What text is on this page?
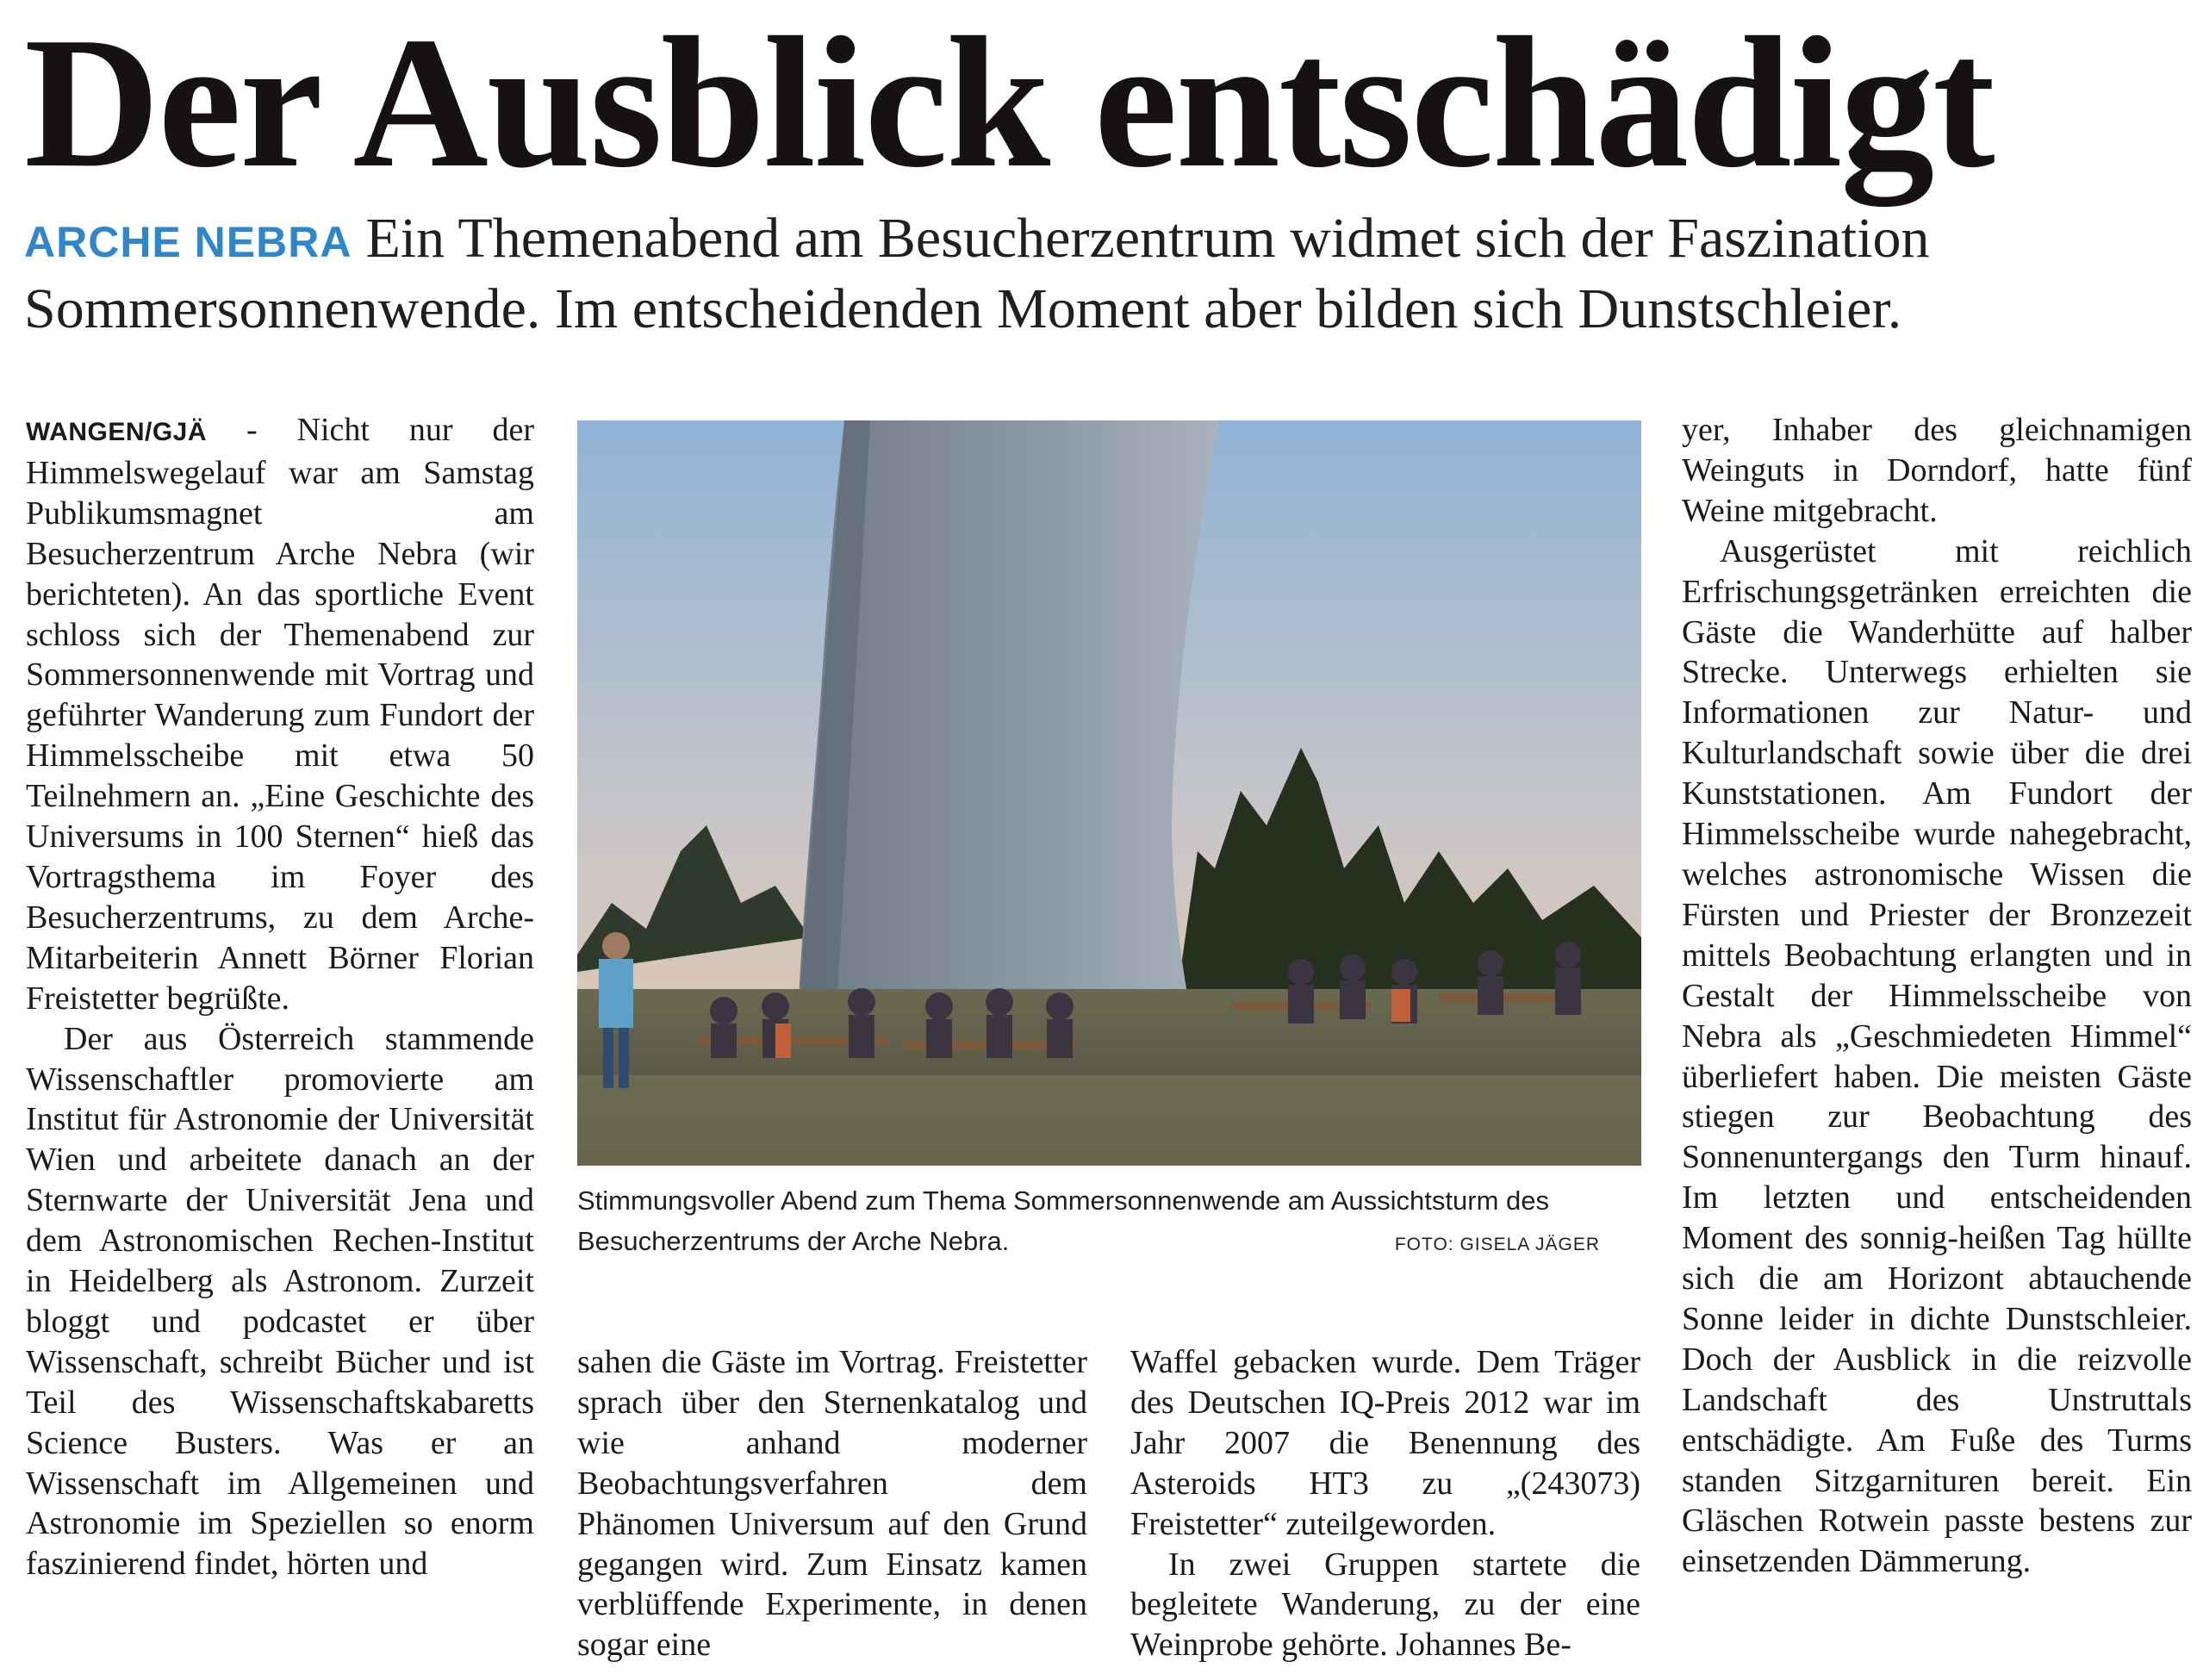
Der Ausblick entschädigt

ARCHE NEBRA Ein Themenabend am Besucherzentrum widmet sich der Faszination Sommersonnenwende. Im entscheidenden Moment aber bilden sich Dunstschleier.

WANGEN/GJÄ - Nicht nur der Himmelswegelauf war am Samstag Publikumsmagnet am Besucherzentrum Arche Nebra (wir berichteten). An das sportliche Event schloss sich der Themenabend zur Sommersonnenwende mit Vortrag und geführter Wanderung zum Fundort der Himmelsscheibe mit etwa 50 Teilnehmern an. „Eine Geschichte des Universums in 100 Sternen“ hieß das Vortragsthema im Foyer des Besucherzentrums, zu dem Arche-Mitarbeiterin Annett Börner Florian Freistetter begrüßte.

Der aus Österreich stammende Wissenschaftler promovierte am Institut für Astronomie der Universität Wien und arbeitete danach an der Sternwarte der Universität Jena und dem Astronomischen Rechen-Institut in Heidelberg als Astronom. Zurzeit bloggt und podcastet er über Wissenschaft, schreibt Bücher und ist Teil des Wissenschaftskabaretts Science Busters. Was er an Wissenschaft im Allgemeinen und Astronomie im Speziellen so enorm faszinierend findet, hörten und

Stimmungsvoller Abend zum Thema Sommersonnenwende am Aussichtsturm des Besucherzentrums der Arche Nebra.	FOTO: GISELA JÄGER

sahen die Gäste im Vortrag. Freistetter sprach über den Sternenkatalog und wie anhand moderner Beobachtungsverfahren dem Phänomen Universum auf den Grund gegangen wird. Zum Einsatz kamen verblüffende Experimente, in denen sogar eine

Waffel gebacken wurde. Dem Träger des Deutschen IQ-Preis 2012 war im Jahr 2007 die Benennung des Asteroids HT3 zu „(243073) Freistetter“ zuteilgeworden.

In zwei Gruppen startete die begleitete Wanderung, zu der eine Weinprobe gehörte. Johannes Be-

yer, Inhaber des gleichnamigen Weinguts in Dorndorf, hatte fünf Weine mitgebracht.

Ausgerüstet mit reichlich Erfrischungsgetränken erreichten die Gäste die Wanderhütte auf halber Strecke. Unterwegs erhielten sie Informationen zur Natur- und Kulturlandschaft sowie über die drei Kunststationen. Am Fundort der Himmelsscheibe wurde nahegebracht, welches astronomische Wissen die Fürsten und Priester der Bronzezeit mittels Beobachtung erlangten und in Gestalt der Himmelsscheibe von Nebra als „Geschmiedeten Himmel“ überliefert haben. Die meisten Gäste stiegen zur Beobachtung des Sonnenuntergangs den Turm hinauf. Im letzten und entscheidenden Moment des sonnig-heißen Tag hüllte sich die am Horizont abtauchende Sonne leider in dichte Dunstschleier. Doch der Ausblick in die reizvolle Landschaft des Unstruttals entschädigte. Am Fuße des Turms standen Sitzgarnituren bereit. Ein Gläschen Rotwein passte bestens zur einsetzenden Dämmerung.
